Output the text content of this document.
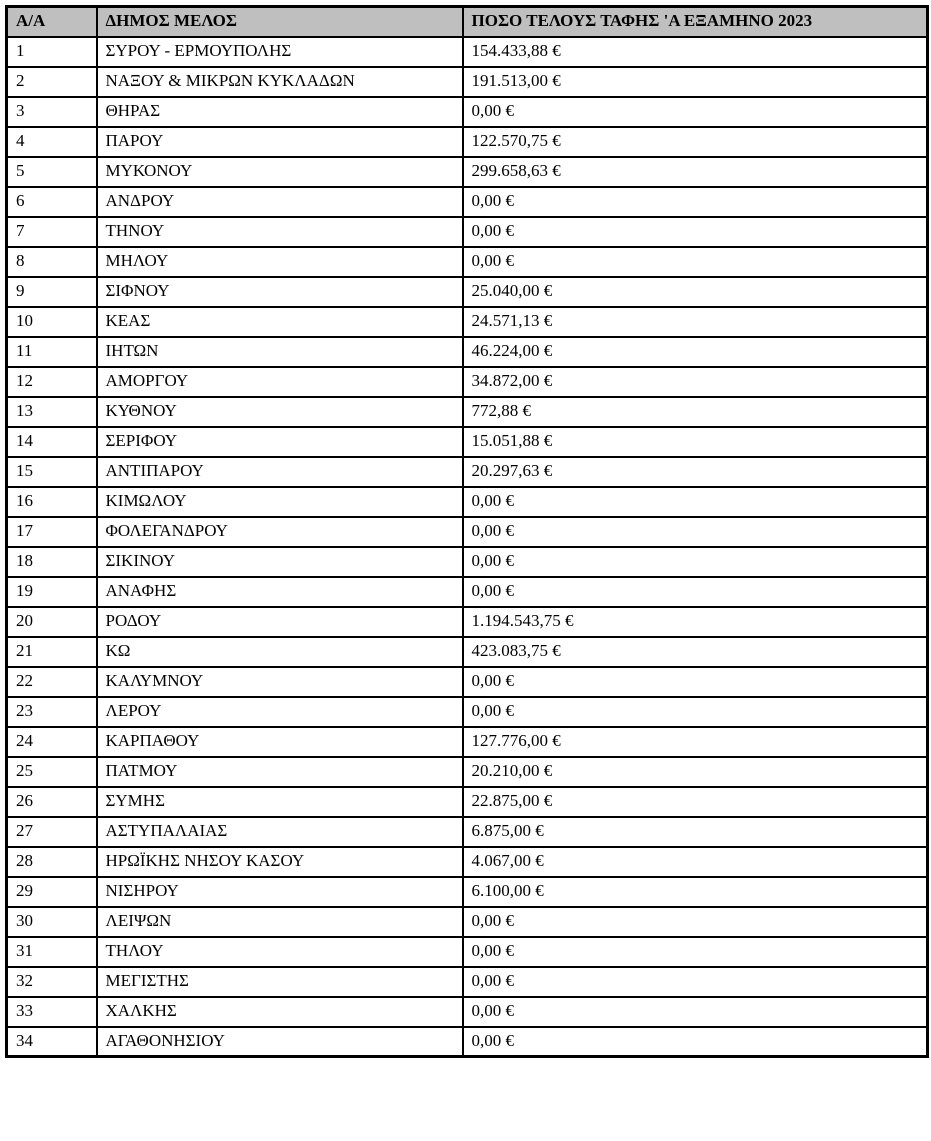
Α/Α	ΔΗΜΟΣ ΜΕΛΟΣ	ΠΟΣΟ ΤΕΛΟΥΣ ΤΑΦΗΣ 'Α ΕΞΑΜΗΝΟ 2023
1	ΣΥΡΟΥ - ΕΡΜΟΥΠΟΛΗΣ	154.433,88 €
2	ΝΑΞΟΥ & ΜΙΚΡΩΝ ΚΥΚΛΑΔΩΝ	191.513,00 €
3	ΘΗΡΑΣ	0,00 €
4	ΠΑΡΟΥ	122.570,75 €
5	ΜΥΚΟΝΟΥ	299.658,63 €
6	ΑΝΔΡΟΥ	0,00 €
7	ΤΗΝΟΥ	0,00 €
8	ΜΗΛΟΥ	0,00 €
9	ΣΙΦΝΟΥ	25.040,00 €
10	ΚΕΑΣ	24.571,13 €
11	ΙΗΤΩΝ	46.224,00 €
12	ΑΜΟΡΓΟΥ	34.872,00 €
13	ΚΥΘΝΟΥ	772,88 €
14	ΣΕΡΙΦΟΥ	15.051,88 €
15	ΑΝΤΙΠΑΡΟΥ	20.297,63 €
16	ΚΙΜΩΛΟΥ	0,00 €
17	ΦΟΛΕΓΑΝΔΡΟΥ	0,00 €
18	ΣΙΚΙΝΟΥ	0,00 €
19	ΑΝΑΦΗΣ	0,00 €
20	ΡΟΔΟΥ	1.194.543,75 €
21	ΚΩ	423.083,75 €
22	ΚΑΛΥΜΝΟΥ	0,00 €
23	ΛΕΡΟΥ	0,00 €
24	ΚΑΡΠΑΘΟΥ	127.776,00 €
25	ΠΑΤΜΟΥ	20.210,00 €
26	ΣΥΜΗΣ	22.875,00 €
27	ΑΣΤΥΠΑΛΑΙΑΣ	6.875,00 €
28	ΗΡΩΪΚΗΣ ΝΗΣΟΥ ΚΑΣΟΥ	4.067,00 €
29	ΝΙΣΗΡΟΥ	6.100,00 €
30	ΛΕΙΨΩΝ	0,00 €
31	ΤΗΛΟΥ	0,00 €
32	ΜΕΓΙΣΤΗΣ	0,00 €
33	ΧΑΛΚΗΣ	0,00 €
34	ΑΓΑΘΟΝΗΣΙΟΥ	0,00 €
